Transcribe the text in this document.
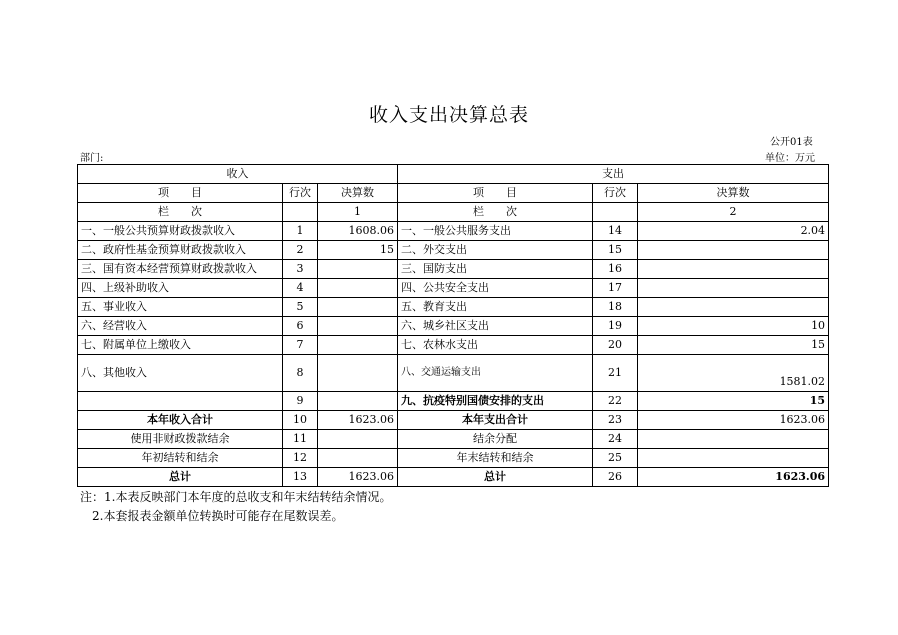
收入支出决算总表
公开01表
部门:	单位：万元
收入			支出		
项　　目	行次	决算数	项　　目	行次	决算数
栏　　次		1	栏　　次		2
一、一般公共预算财政拨款收入	1	1608.06	一、一般公共服务支出	14	2.04
二、政府性基金预算财政拨款收入	2	15	二、外交支出	15	
三、国有资本经营预算财政拨款收入	3		三、国防支出	16	
四、上级补助收入	4		四、公共安全支出	17	
五、事业收入	5		五、教育支出	18	
六、经营收入	6		六、城乡社区支出	19	10
七、附属单位上缴收入	7		七、农林水支出	20	15
八、其他收入	8		八、交通运输支出	21	1581.02
	9		九、抗疫特别国债安排的支出	22	15
本年收入合计	10	1623.06	本年支出合计	23	1623.06
使用非财政拨款结余	11		结余分配	24	
年初结转和结余	12		年末结转和结余	25	
总计	13	1623.06	总计	26	1623.06
注：1.本表反映部门本年度的总收支和年末结转结余情况。
　2.本套报表金额单位转换时可能存在尾数误差。
